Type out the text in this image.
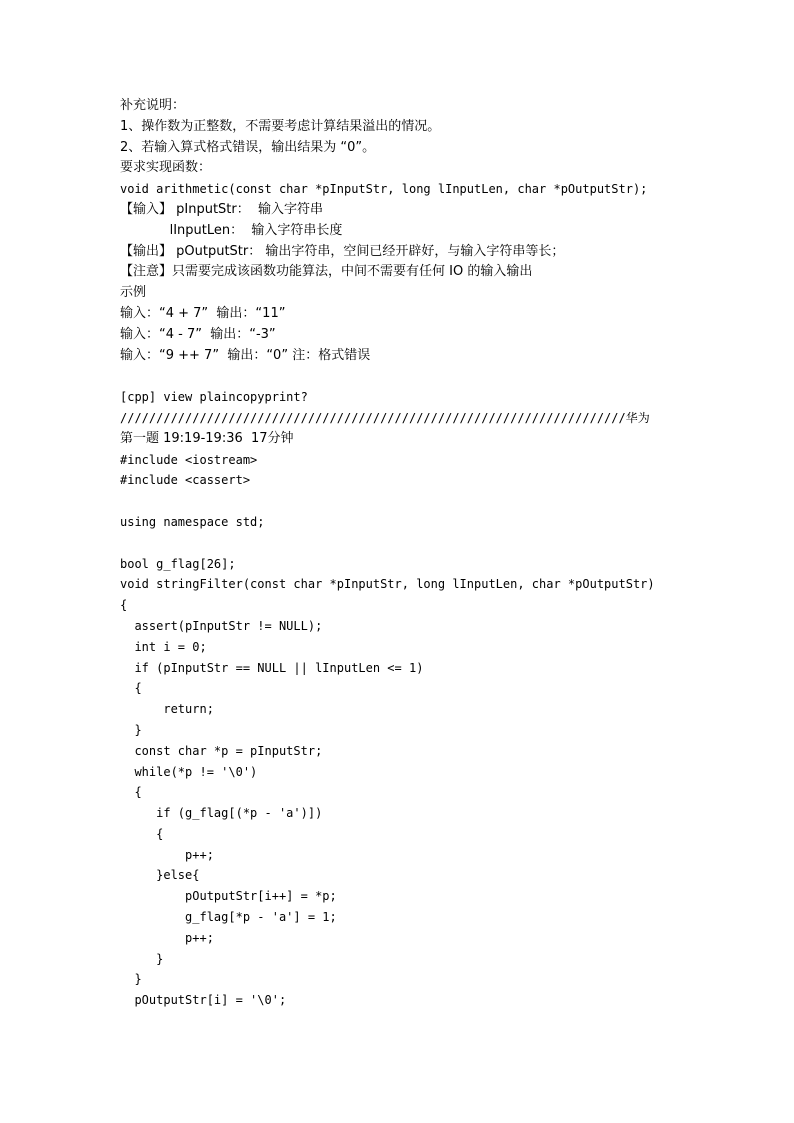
补充说明：
1、操作数为正整数，不需要考虑计算结果溢出的情况。
2、若输入算式格式错误，输出结果为 “0”。
要求实现函数：
void arithmetic(const char *pInputStr, long lInputLen, char *pOutputStr);
【输入】 pInputStr：  输入字符串
lInputLen：  输入字符串长度
【输出】 pOutputStr： 输出字符串，空间已经开辟好，与输入字符串等长；
【注意】只需要完成该函数功能算法，中间不需要有任何 IO 的输入输出
示例
输入：“4 + 7”  输出：“11”
输入：“4 - 7”  输出：“-3”
输入：“9 ++ 7”  输出：“0” 注：格式错误
[cpp] view plaincopyprint?
//////////////////////////////////////////////////////////////////////华为
第一题 19:19-19:36  17分钟
#include <iostream>
#include <cassert>
using namespace std;
bool g_flag[26];
void stringFilter(const char *pInputStr, long lInputLen, char *pOutputStr)
{
assert(pInputStr != NULL);
int i = 0;
if (pInputStr == NULL || lInputLen <= 1)
{
return;
}
const char *p = pInputStr;
while(*p != '\0')
{
if (g_flag[(*p - 'a')])
{
p++;
}else{
pOutputStr[i++] = *p;
g_flag[*p - 'a'] = 1;
p++;
}
}
pOutputStr[i] = '\0';
